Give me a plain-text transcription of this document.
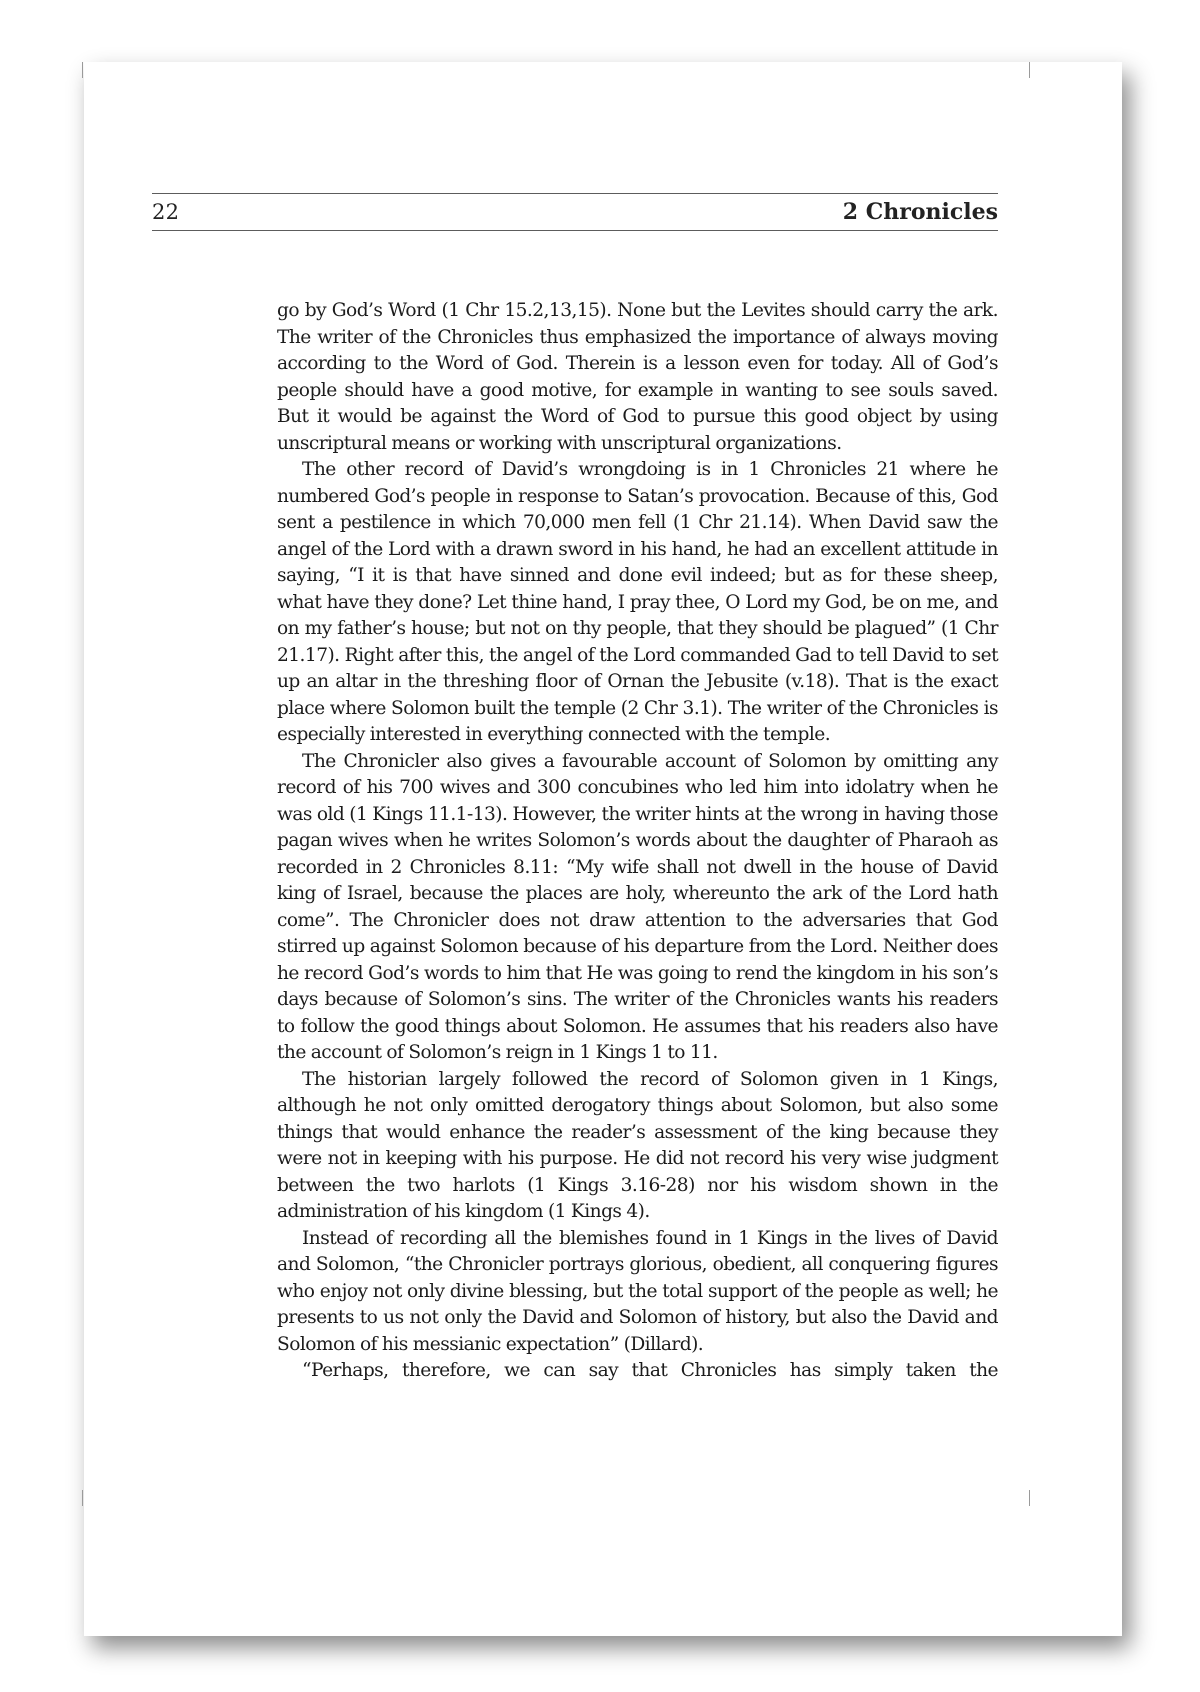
22	2 Chronicles

go by God’s Word (1 Chr 15.2,13,15). None but the Levites should carry the ark. The writer of the Chronicles thus emphasized the importance of always moving according to the Word of God. Therein is a lesson even for today. All of God’s people should have a good motive, for example in wanting to see souls saved. But it would be against the Word of God to pursue this good object by using unscriptural means or working with unscriptural organizations.

The other record of David’s wrongdoing is in 1 Chronicles 21 where he numbered God’s people in response to Satan’s provocation. Because of this, God sent a pestilence in which 70,000 men fell (1 Chr 21.14). When David saw the angel of the Lord with a drawn sword in his hand, he had an excellent attitude in saying, “I it is that have sinned and done evil indeed; but as for these sheep, what have they done? Let thine hand, I pray thee, O Lord my God, be on me, and on my father’s house; but not on thy people, that they should be plagued” (1 Chr 21.17). Right after this, the angel of the Lord commanded Gad to tell David to set up an altar in the threshing floor of Ornan the Jebusite (v.18). That is the exact place where Solomon built the temple (2 Chr 3.1). The writer of the Chronicles is especially interested in everything connected with the temple.

The Chronicler also gives a favourable account of Solomon by omitting any record of his 700 wives and 300 concubines who led him into idolatry when he was old (1 Kings 11.1-13). However, the writer hints at the wrong in having those pagan wives when he writes Solomon’s words about the daughter of Pharaoh as recorded in 2 Chronicles 8.11: “My wife shall not dwell in the house of David king of Israel, because the places are holy, whereunto the ark of the Lord hath come”. The Chronicler does not draw attention to the adversaries that God stirred up against Solomon because of his departure from the Lord. Neither does he record God’s words to him that He was going to rend the kingdom in his son’s days because of Solomon’s sins. The writer of the Chronicles wants his readers to follow the good things about Solomon. He assumes that his readers also have the account of Solomon’s reign in 1 Kings 1 to 11.

The historian largely followed the record of Solomon given in 1 Kings, although he not only omitted derogatory things about Solomon, but also some things that would enhance the reader’s assessment of the king because they were not in keeping with his purpose. He did not record his very wise judgment between the two harlots (1 Kings 3.16-28) nor his wisdom shown in the administration of his kingdom (1 Kings 4).

Instead of recording all the blemishes found in 1 Kings in the lives of David and Solomon, “the Chronicler portrays glorious, obedient, all conquering figures who enjoy not only divine blessing, but the total support of the people as well; he presents to us not only the David and Solomon of history, but also the David and Solomon of his messianic expectation” (Dillard).

“Perhaps, therefore, we can say that Chronicles has simply taken the
